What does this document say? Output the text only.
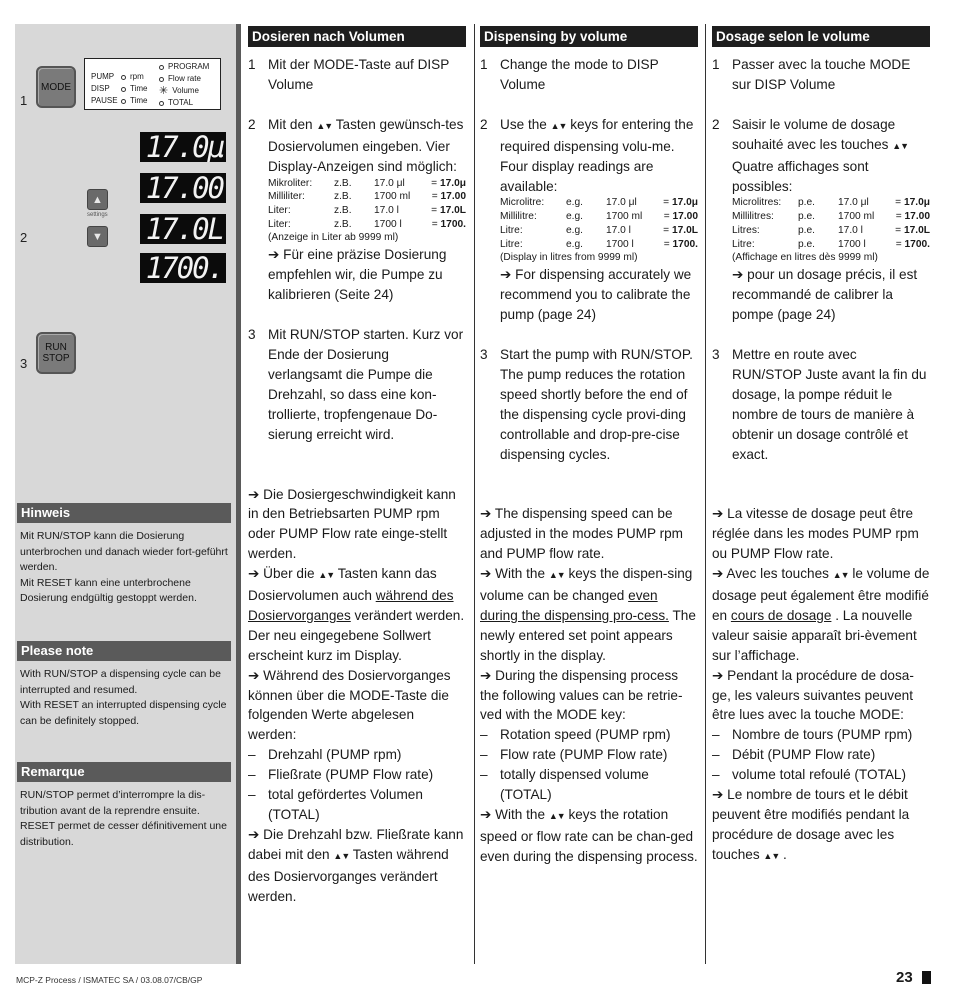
1
2
3
MODE
RUN
STOP
PUMP	rpm
DISP	Time
PAUSE Time
PROGRAM
Flow rate
✳ Volume
TOTAL
17.0μ
17.00
17.0L
1700.
▲
settings
▼
Hinweis
Mit RUN/STOP kann die Dosierung unterbrochen und danach wieder fort-geführt werden.
Mit RESET kann eine unterbrochene Dosierung endgültig gestoppt werden.
Please note
With RUN/STOP a dispensing cycle can be interrupted and resumed.
With RESET an interrupted dispensing cycle can be definitely stopped.
Remarque
RUN/STOP permet d’interrompre la dis-tribution avant de la reprendre ensuite. RESET permet de cesser définitivement une distribution.
Dosieren nach Volumen
1 Mit der MODE-Taste auf DISP Volume
2 Mit den ▲▼ Tasten gewünsch-tes Dosiervolumen eingeben. Vier Display-Anzeigen sind möglich:
Mikroliter:	z.B.	17.0 μl	= 17.0μ
Milliliter:	z.B.	1700 ml	= 17.00
Liter:	z.B.	17.0 l	= 17.0L
Liter:	z.B.	1700 l	= 1700.
(Anzeige in Liter ab 9999 ml)
➔ Für eine präzise Dosierung empfehlen wir, die Pumpe zu kalibrieren (Seite 24)
3 Mit RUN/STOP starten. Kurz vor Ende der Dosierung verlangsamt die Pumpe die Drehzahl, so dass eine kon-trollierte, tropfengenaue Do-sierung erreicht wird.
➔ Die Dosiergeschwindigkeit kann in den Betriebsarten PUMP rpm oder PUMP Flow rate einge-stellt werden.
➔ Über die ▲▼ Tasten kann das Dosiervolumen auch während des Dosiervorganges verändert werden. Der neu eingegebene Sollwert erscheint kurz im Display.
➔ Während des Dosiervorganges können über die MODE-Taste die folgenden Werte abgelesen werden:
– Drehzahl (PUMP rpm)
– Fließrate (PUMP Flow rate)
– total gefördertes Volumen (TOTAL)
➔ Die Drehzahl bzw. Fließrate kann dabei mit den ▲▼ Tasten während des Dosiervorganges verändert werden.
Dispensing by volume
1 Change the mode to DISP Volume
2 Use the ▲▼ keys for entering the required dispensing volu-me. Four display readings are available:
Microlitre:	e.g.	17.0 μl	= 17.0μ
Millilitre:	e.g.	1700 ml	= 17.00
Litre:	e.g.	17.0 l	= 17.0L
Litre:	e.g.	1700 l	= 1700.
(Display in litres from 9999 ml)
➔ For dispensing accurately we recommend you to calibrate the pump (page 24)
3 Start the pump with RUN/STOP. The pump reduces the rotation speed shortly before the end of the dispensing cycle provi-ding controllable and drop-pre-cise dispensing cycles.
➔ The dispensing speed can be adjusted in the modes PUMP rpm and PUMP flow rate.
➔ With the ▲▼ keys the dispen-sing volume can be changed even during the dispensing pro-cess. The newly entered set point appears shortly in the display.
➔ During the dispensing process the following values can be retrie-ved with the MODE key:
– Rotation speed (PUMP rpm)
– Flow rate (PUMP Flow rate)
– totally dispensed volume (TOTAL)
➔ With the ▲▼ keys the rotation speed or flow rate can be chan-ged even during the dispensing process.
Dosage selon le volume
1 Passer avec la touche MODE sur DISP Volume
2 Saisir le volume de dosage souhaité avec les touches ▲▼ Quatre affichages sont possibles:
Microlitres:	p.e.	17.0 μl	= 17.0μ
Millilitres:	p.e.	1700 ml	= 17.00
Litres:	p.e.	17.0 l	= 17.0L
Litre:	p.e.	1700 l	= 1700.
(Affichage en litres dès 9999 ml)
➔ pour un dosage précis, il est recommandé de calibrer la pompe (page 24)
3 Mettre en route avec RUN/STOP Juste avant la fin du dosage, la pompe réduit le nombre de tours de manière à obtenir un dosage contrôlé et exact.
➔ La vitesse de dosage peut être réglée dans les modes PUMP rpm ou PUMP Flow rate.
➔ Avec les touches ▲▼ le volume de dosage peut également être modifié en cours de dosage . La nouvelle valeur saisie apparaît bri-èvement sur l’affichage.
➔ Pendant la procédure de dosa-ge, les valeurs suivantes peuvent être lues avec la touche MODE:
– Nombre de tours (PUMP rpm)
– Débit (PUMP Flow rate)
– volume total refoulé (TOTAL)
➔ Le nombre de tours et le débit peuvent être modifiés pendant la procédure de dosage avec les touches ▲▼ .
MCP-Z Process / ISMATEC SA / 03.08.07/CB/GP	23
